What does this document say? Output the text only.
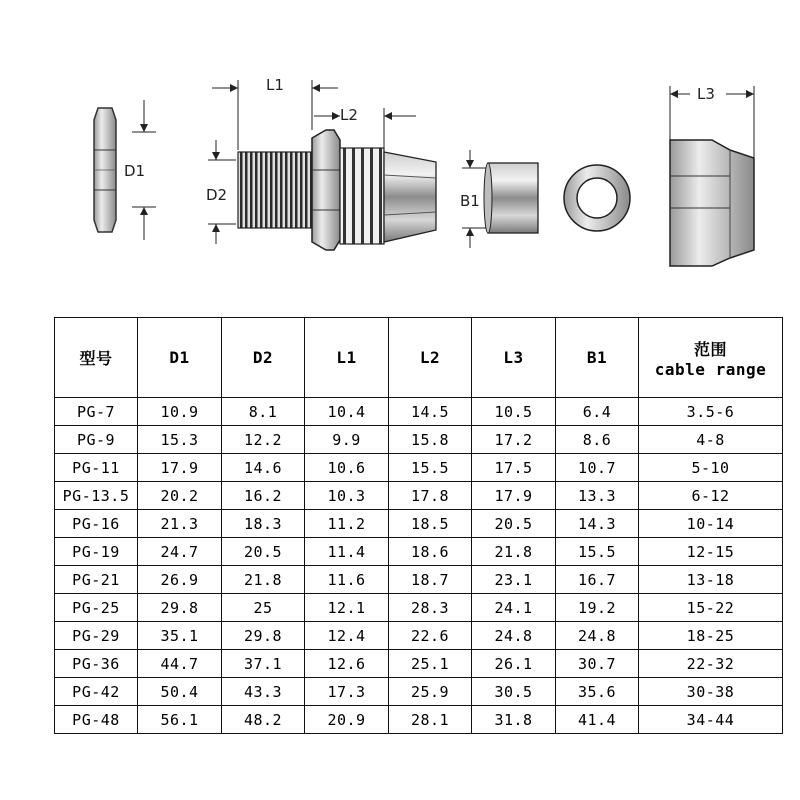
D1
L1
L2
D2	B1
L3
型号	D1	D2	L1	L2	L3	B1	范围
cable range

PG-7	10.9	8.1	10.4	14.5	10.5	6.4	3.5-6
PG-9	15.3	12.2	9.9	15.8	17.2	8.6	4-8
PG-11	17.9	14.6	10.6	15.5	17.5	10.7	5-10
PG-13.5	20.2	16.2	10.3	17.8	17.9	13.3	6-12
PG-16	21.3	18.3	11.2	18.5	20.5	14.3	10-14
PG-19	24.7	20.5	11.4	18.6	21.8	15.5	12-15
PG-21	26.9	21.8	11.6	18.7	23.1	16.7	13-18
PG-25	29.8	25	12.1	28.3	24.1	19.2	15-22
PG-29	35.1	29.8	12.4	22.6	24.8	24.8	18-25
PG-36	44.7	37.1	12.6	25.1	26.1	30.7	22-32
PG-42	50.4	43.3	17.3	25.9	30.5	35.6	30-38
PG-48	56.1	48.2	20.9	28.1	31.8	41.4	34-44
